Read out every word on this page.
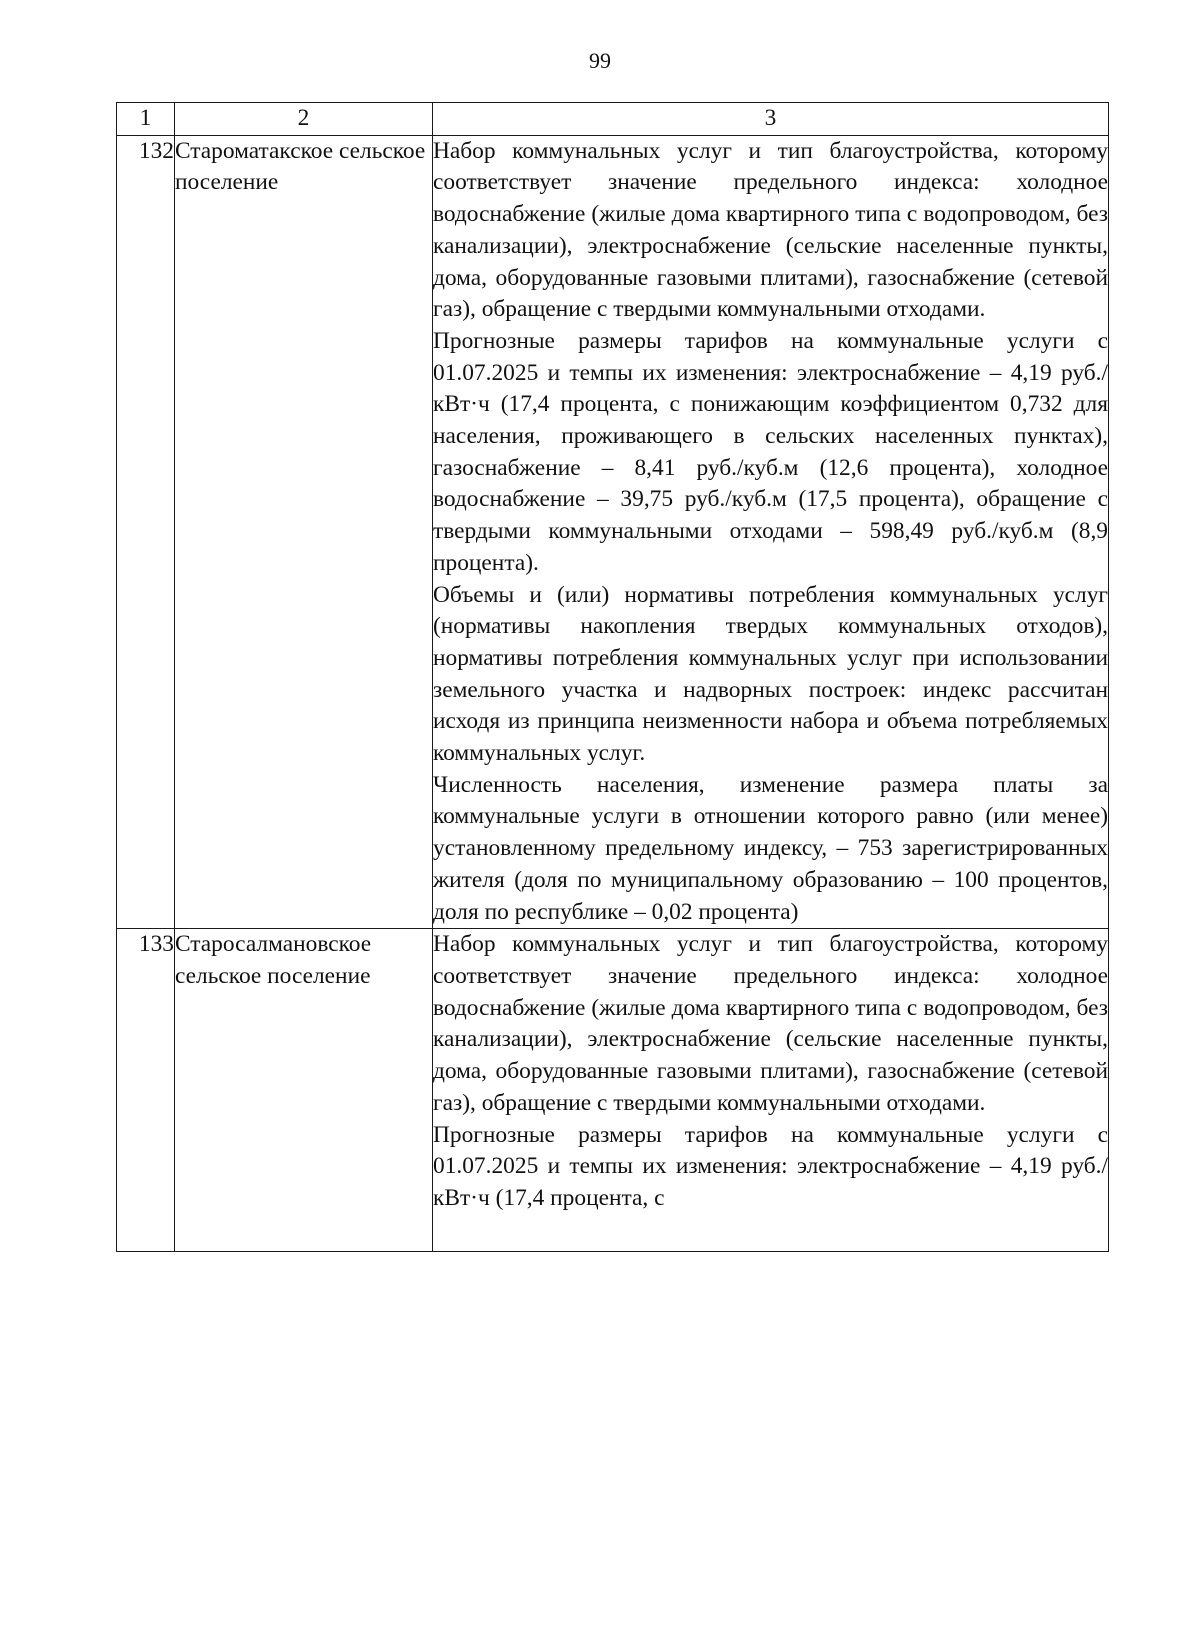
99
1	2	3
132	Староматакское сельское поселение	Набор коммунальных услуг и тип благоустройства, которому соответствует значение предельного индекса: холодное водоснабжение (жилые дома квартирного типа с водопроводом, без канализации), электроснабжение (сельские населенные пункты, дома, оборудованные газовыми плитами), газоснабжение (сетевой газ), обращение с твердыми коммунальными отходами.

Прогнозные размеры тарифов на коммунальные услуги с 01.07.2025 и темпы их изменения: электроснабжение – 4,19 руб./кВт·ч (17,4 процента, с понижающим коэффициентом 0,732 для населения, проживающего в сельских населенных пунктах), газоснабжение – 8,41 руб./куб.м (12,6 процента), холодное водоснабжение – 39,75 руб./куб.м (17,5 процента), обращение с твердыми коммунальными отходами – 598,49 руб./куб.м (8,9 процента).

Объемы и (или) нормативы потребления коммунальных услуг (нормативы накопления твердых коммунальных отходов), нормативы потребления коммунальных услуг при использовании земельного участка и надворных построек: индекс рассчитан исходя из принципа неизменности набора и объема потребляемых коммунальных услуг.

Численность населения, изменение размера платы за коммунальные услуги в отношении которого равно (или менее) установленному предельному индексу, – 753 зарегистрированных жителя (доля по муниципальному образованию – 100 процентов, доля по республике – 0,02 процента)

133	Старосалмановское сельское поселение	Набор коммунальных услуг и тип благоустройства, которому соответствует значение предельного индекса: холодное водоснабжение (жилые дома квартирного типа с водопроводом, без канализации), электроснабжение (сельские населенные пункты, дома, оборудованные газовыми плитами), газоснабжение (сетевой газ), обращение с твердыми коммунальными отходами.

Прогнозные размеры тарифов на коммунальные услуги с 01.07.2025 и темпы их изменения: электроснабжение – 4,19 руб./кВт·ч (17,4 процента, с
